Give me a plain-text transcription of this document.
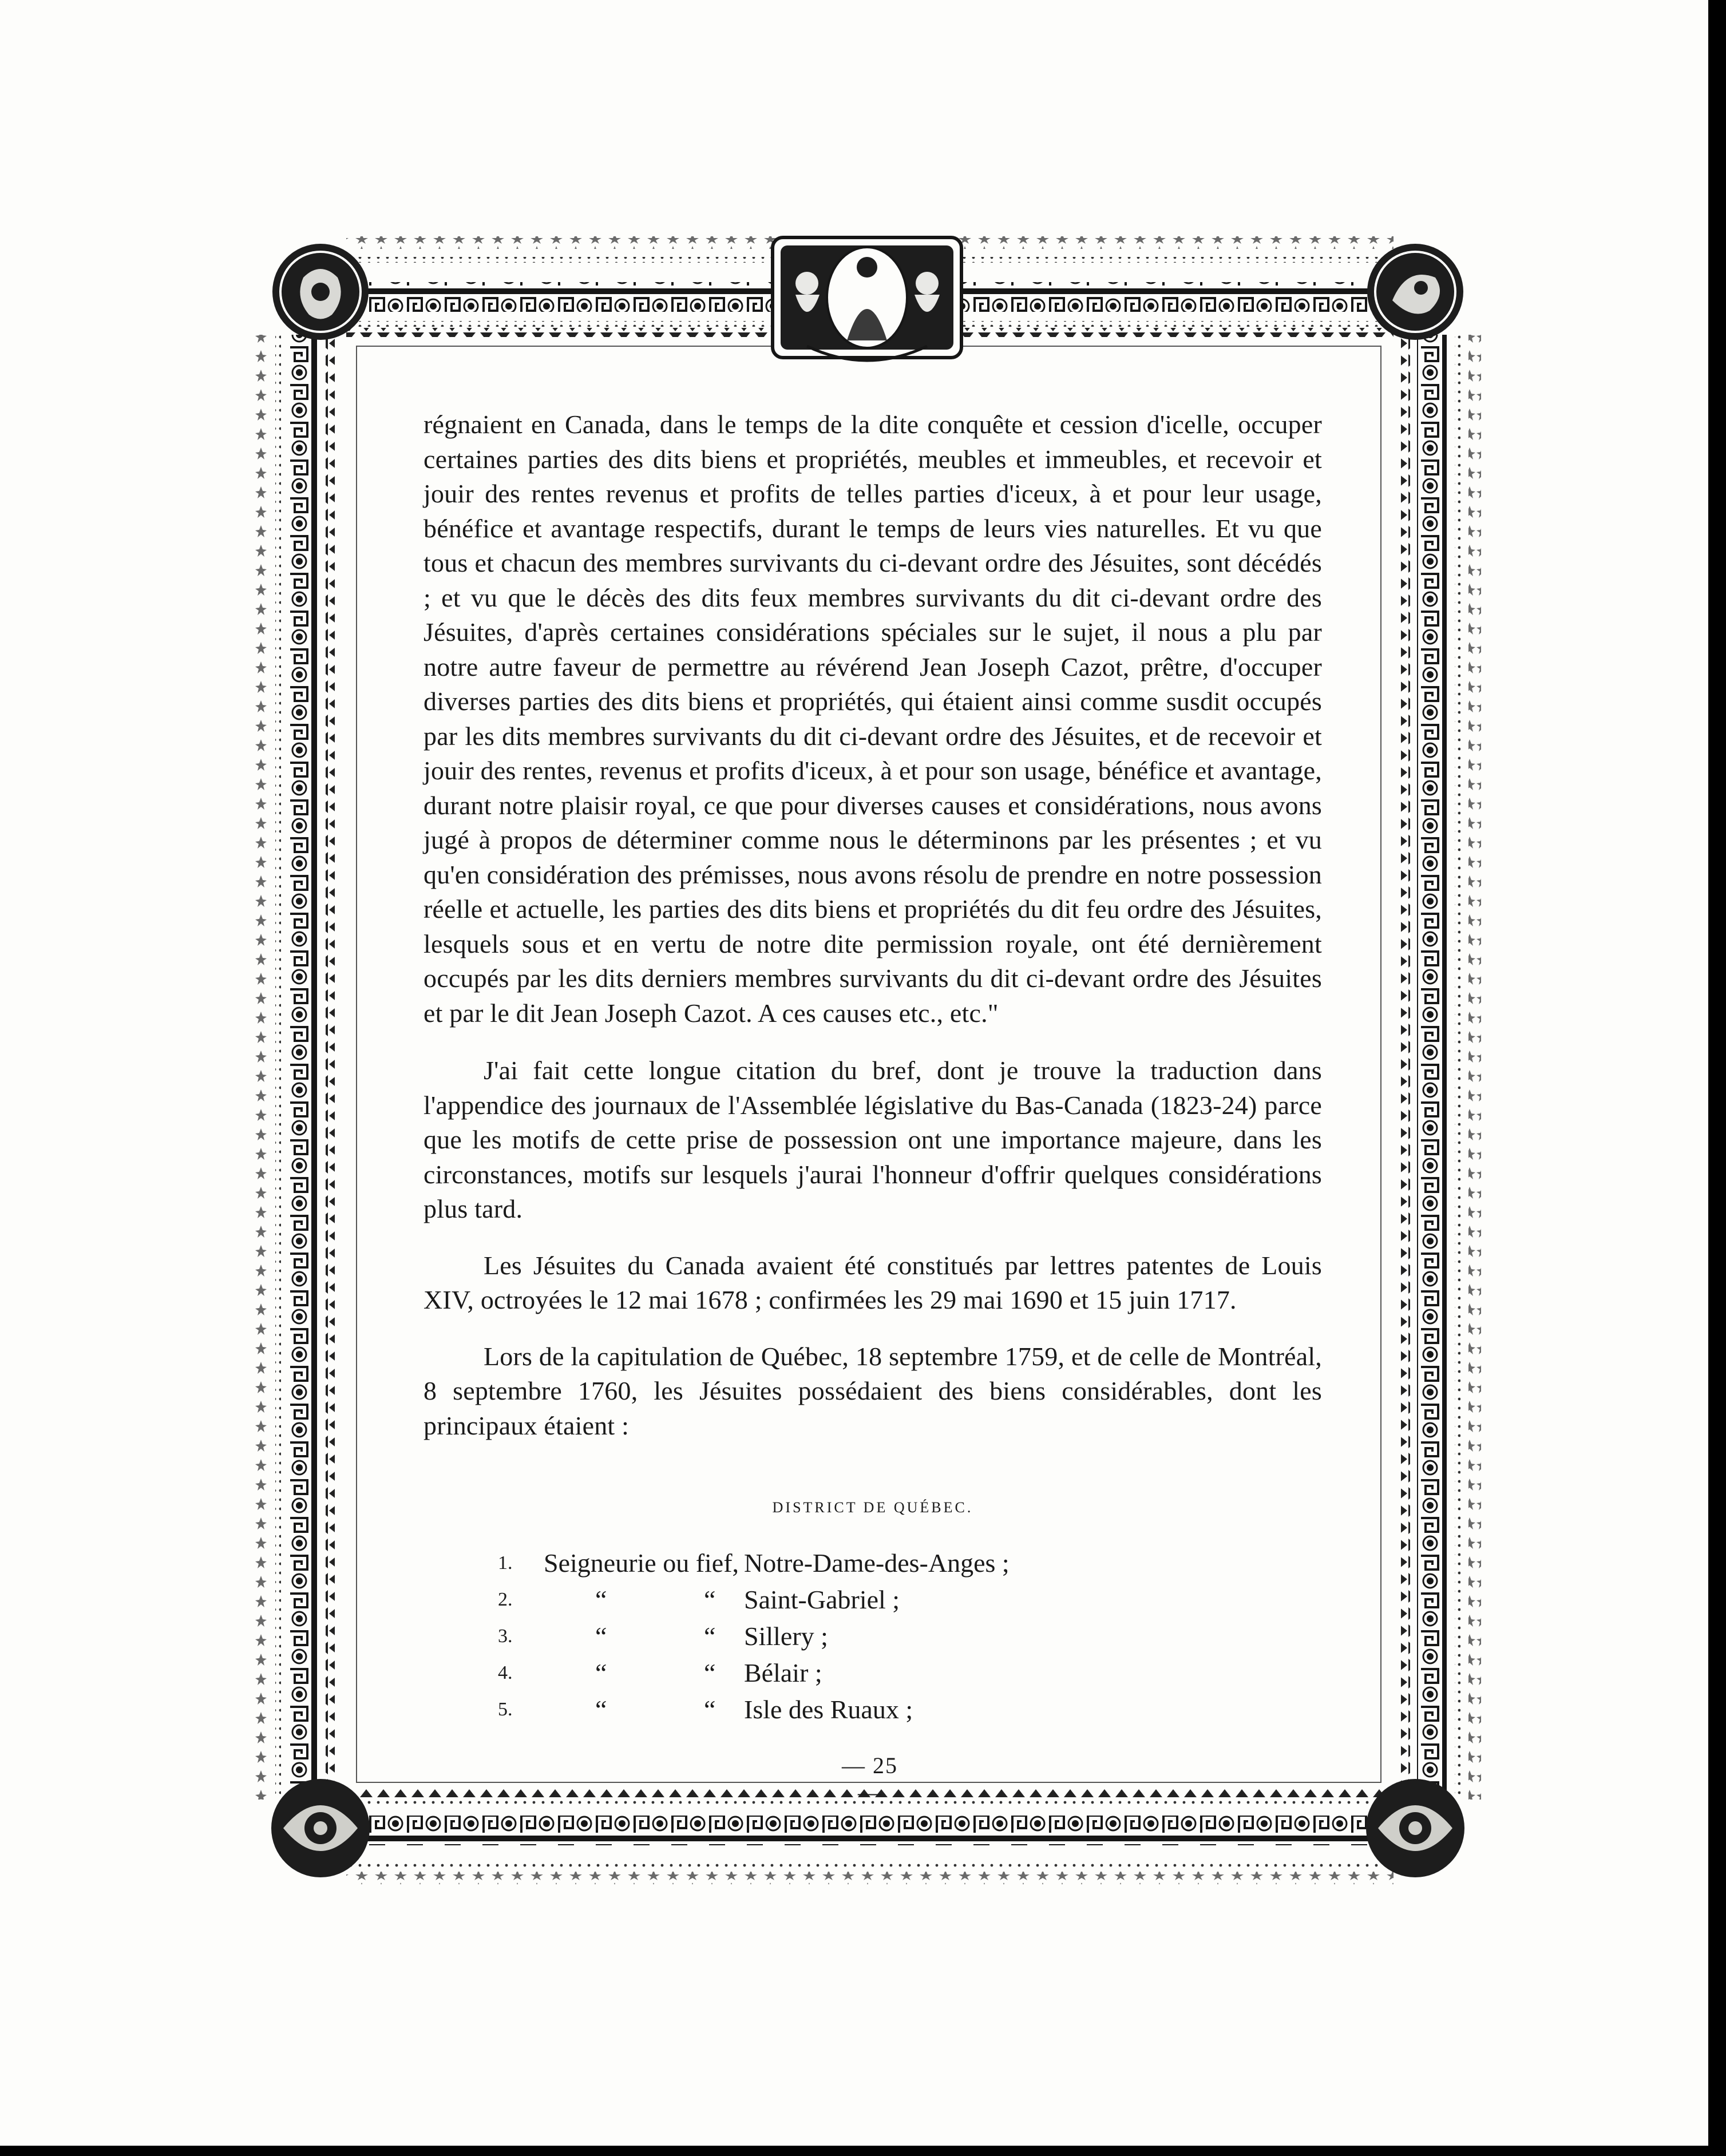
régnaient en Canada, dans le temps de la dite conquête et cession d'icelle, occuper certaines parties des dits biens et propriétés, meubles et immeubles, et recevoir et jouir des rentes revenus et profits de telles parties d'iceux, à et pour leur usage, bénéfice et avantage respectifs, durant le temps de leurs vies naturelles. Et vu que tous et chacun des membres survivants du ci-devant ordre des Jésuites, sont décédés ; et vu que le décès des dits feux membres survivants du dit ci-devant ordre des Jésuites, d'après certaines considérations spéciales sur le sujet, il nous a plu par notre autre faveur de permettre au révérend Jean Joseph Cazot, prêtre, d'occuper diverses parties des dits biens et propriétés, qui étaient ainsi comme susdit occupés par les dits membres survivants du dit ci-devant ordre des Jésuites, et de recevoir et jouir des rentes, revenus et profits d'iceux, à et pour son usage, bénéfice et avantage, durant notre plaisir royal, ce que pour diverses causes et considérations, nous avons jugé à propos de déterminer comme nous le déterminons par les présentes ; et vu qu'en considération des prémisses, nous avons résolu de prendre en notre possession réelle et actuelle, les parties des dits biens et propriétés du dit feu ordre des Jésuites, lesquels sous et en vertu de notre dite permission royale, ont été dernièrement occupés par les dits derniers membres survivants du dit ci-devant ordre des Jésuites et par le dit Jean Joseph Cazot. A ces causes etc., etc."

J'ai fait cette longue citation du bref, dont je trouve la traduction dans l'appendice des journaux de l'Assemblée législative du Bas-Canada (1823-24) parce que les motifs de cette prise de possession ont une importance majeure, dans les circonstances, motifs sur lesquels j'aurai l'honneur d'offrir quelques considérations plus tard.

Les Jésuites du Canada avaient été constitués par lettres patentes de Louis XIV, octroyées le 12 mai 1678 ; confirmées les 29 mai 1690 et 15 juin 1717.

Lors de la capitulation de Québec, 18 septembre 1759, et de celle de Montréal, 8 septembre 1760, les Jésuites possédaient des biens considérables, dont les principaux étaient :

DISTRICT DE QUÉBEC.
1. Seigneurie ou fief, Notre-Dame-des-Anges ;
2.	“	“ Saint-Gabriel ;
3.	“	“ Sillery ;
4.	“	“ Bélair ;
5.	“	“ Isle des Ruaux ;
— 25 —
